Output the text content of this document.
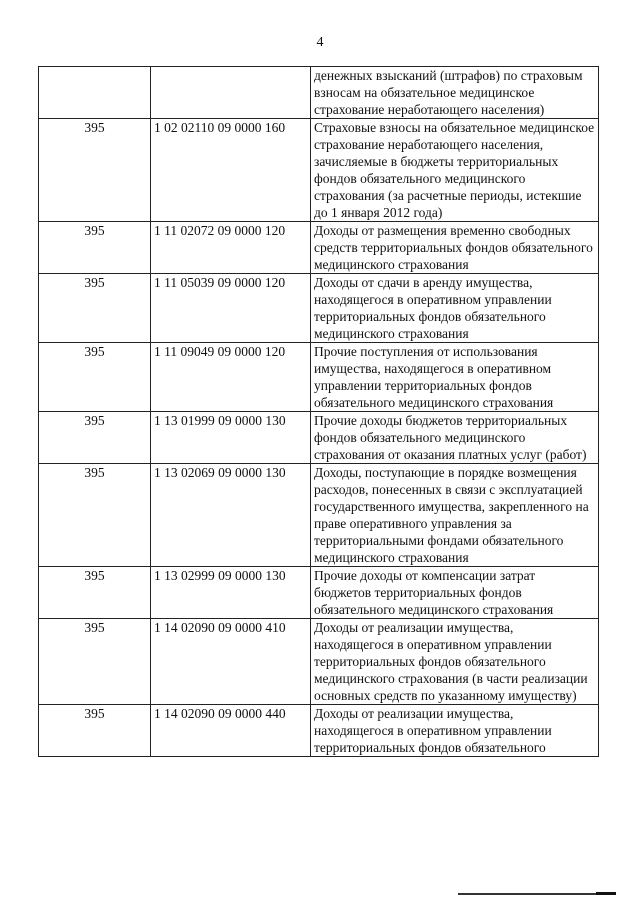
4
		денежных взысканий (штрафов) по страховым взносам на обязательное медицинское страхование неработающего населения)
395	1 02 02110 09 0000 160	Страховые взносы на обязательное медицинское страхование неработающего населения, зачисляемые в бюджеты территориальных фондов обязательного медицинского страхования (за расчетные периоды, истекшие до 1 января 2012 года)
395	1 11 02072 09 0000 120	Доходы от размещения временно свободных средств территориальных фондов обязательного медицинского страхования
395	1 11 05039 09 0000 120	Доходы от сдачи в аренду имущества, находящегося в оперативном управлении территориальных фондов обязательного медицинского страхования
395	1 11 09049 09 0000 120	Прочие поступления от использования имущества, находящегося в оперативном управлении территориальных фондов обязательного медицинского страхования
395	1 13 01999 09 0000 130	Прочие доходы бюджетов территориальных фондов обязательного медицинского страхования от оказания платных услуг (работ)
395	1 13 02069 09 0000 130	Доходы, поступающие в порядке возмещения расходов, понесенных в связи с эксплуатацией государственного имущества, закрепленного на праве оперативного управления за территориальными фондами обязательного медицинского страхования
395	1 13 02999 09 0000 130	Прочие доходы от компенсации затрат бюджетов территориальных фондов обязательного медицинского страхования
395	1 14 02090 09 0000 410	Доходы от реализации имущества, находящегося в оперативном управлении территориальных фондов обязательного медицинского страхования (в части реализации основных средств по указанному имуществу)
395	1 14 02090 09 0000 440	Доходы от реализации имущества, находящегося в оперативном управлении территориальных фондов обязательного
